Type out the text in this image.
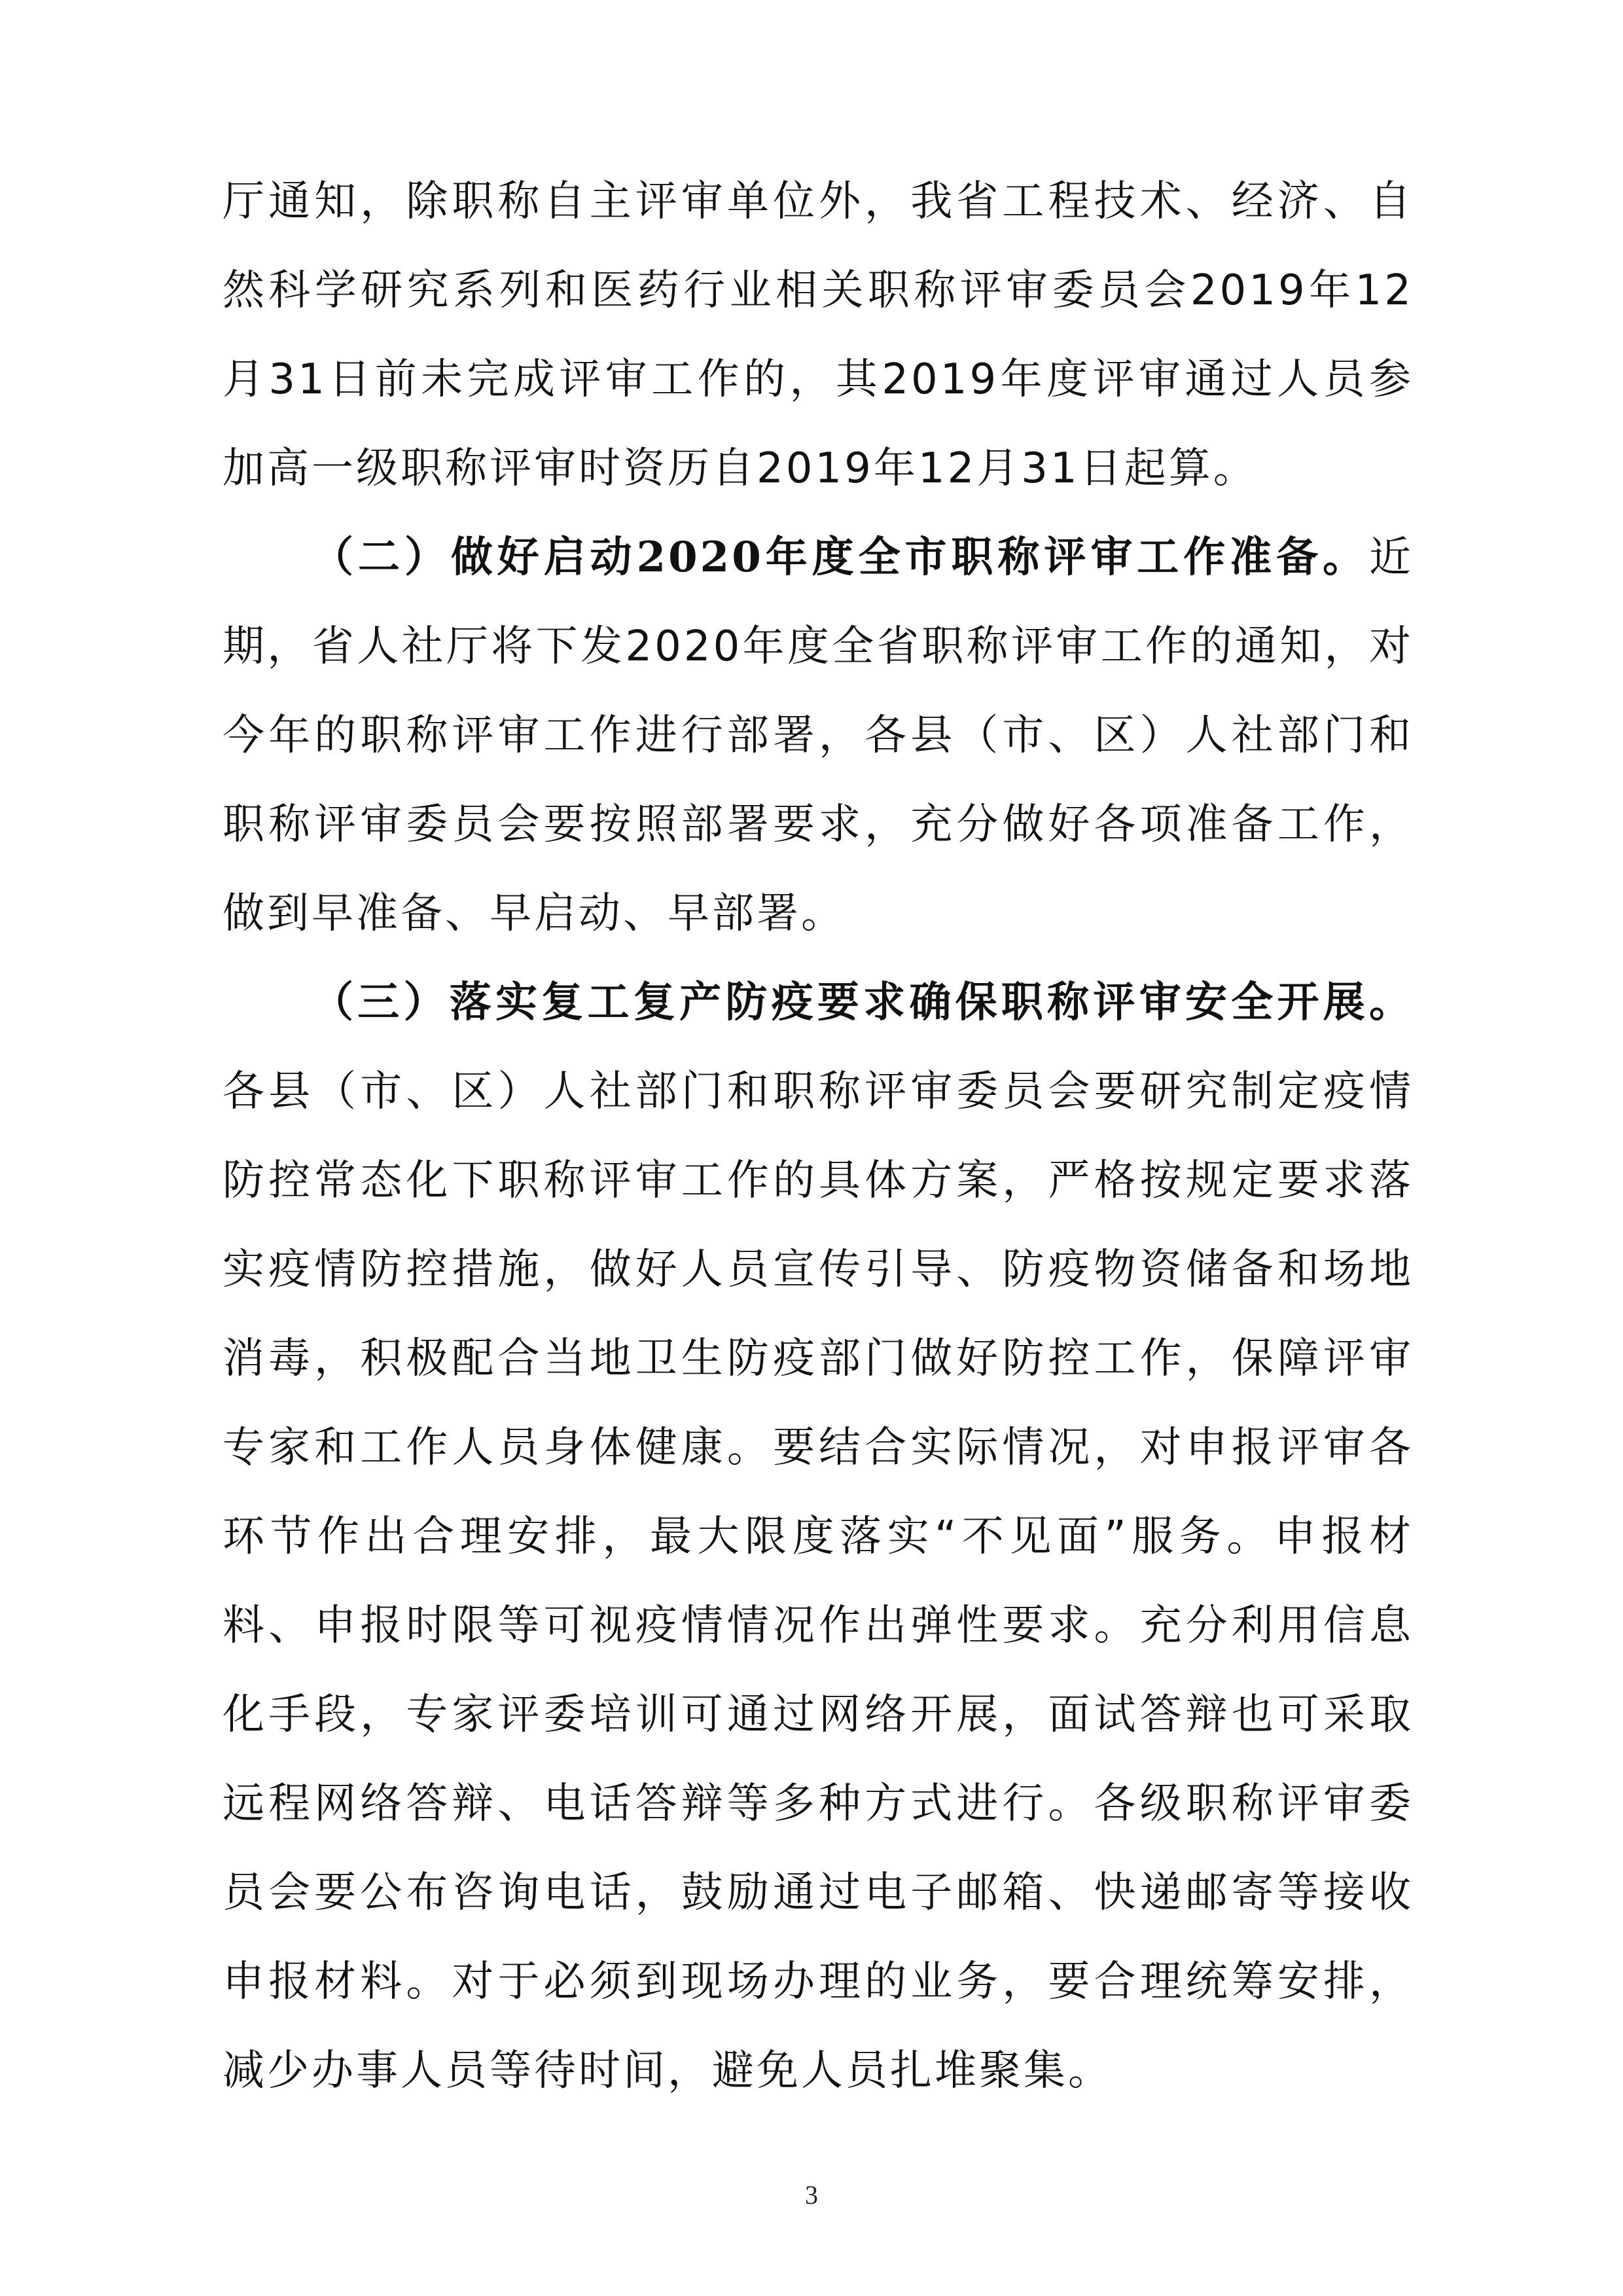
厅通知，除职称自主评审单位外，我省工程技术、经济、自然科学研究系列和医药行业相关职称评审委员会2019年12月31日前未完成评审工作的，其2019年度评审通过人员参加高一级职称评审时资历自2019年12月31日起算。

（二）做好启动2020年度全市职称评审工作准备。近期，省人社厅将下发2020年度全省职称评审工作的通知，对今年的职称评审工作进行部署，各县（市、区）人社部门和职称评审委员会要按照部署要求，充分做好各项准备工作，做到早准备、早启动、早部署。

（三）落实复工复产防疫要求确保职称评审安全开展。各县（市、区）人社部门和职称评审委员会要研究制定疫情防控常态化下职称评审工作的具体方案，严格按规定要求落实疫情防控措施，做好人员宣传引导、防疫物资储备和场地消毒，积极配合当地卫生防疫部门做好防控工作，保障评审专家和工作人员身体健康。要结合实际情况，对申报评审各环节作出合理安排，最大限度落实“不见面”服务。申报材料、申报时限等可视疫情情况作出弹性要求。充分利用信息化手段，专家评委培训可通过网络开展，面试答辩也可采取远程网络答辩、电话答辩等多种方式进行。各级职称评审委员会要公布咨询电话，鼓励通过电子邮箱、快递邮寄等接收申报材料。对于必须到现场办理的业务，要合理统筹安排，减少办事人员等待时间，避免人员扎堆聚集。

3
